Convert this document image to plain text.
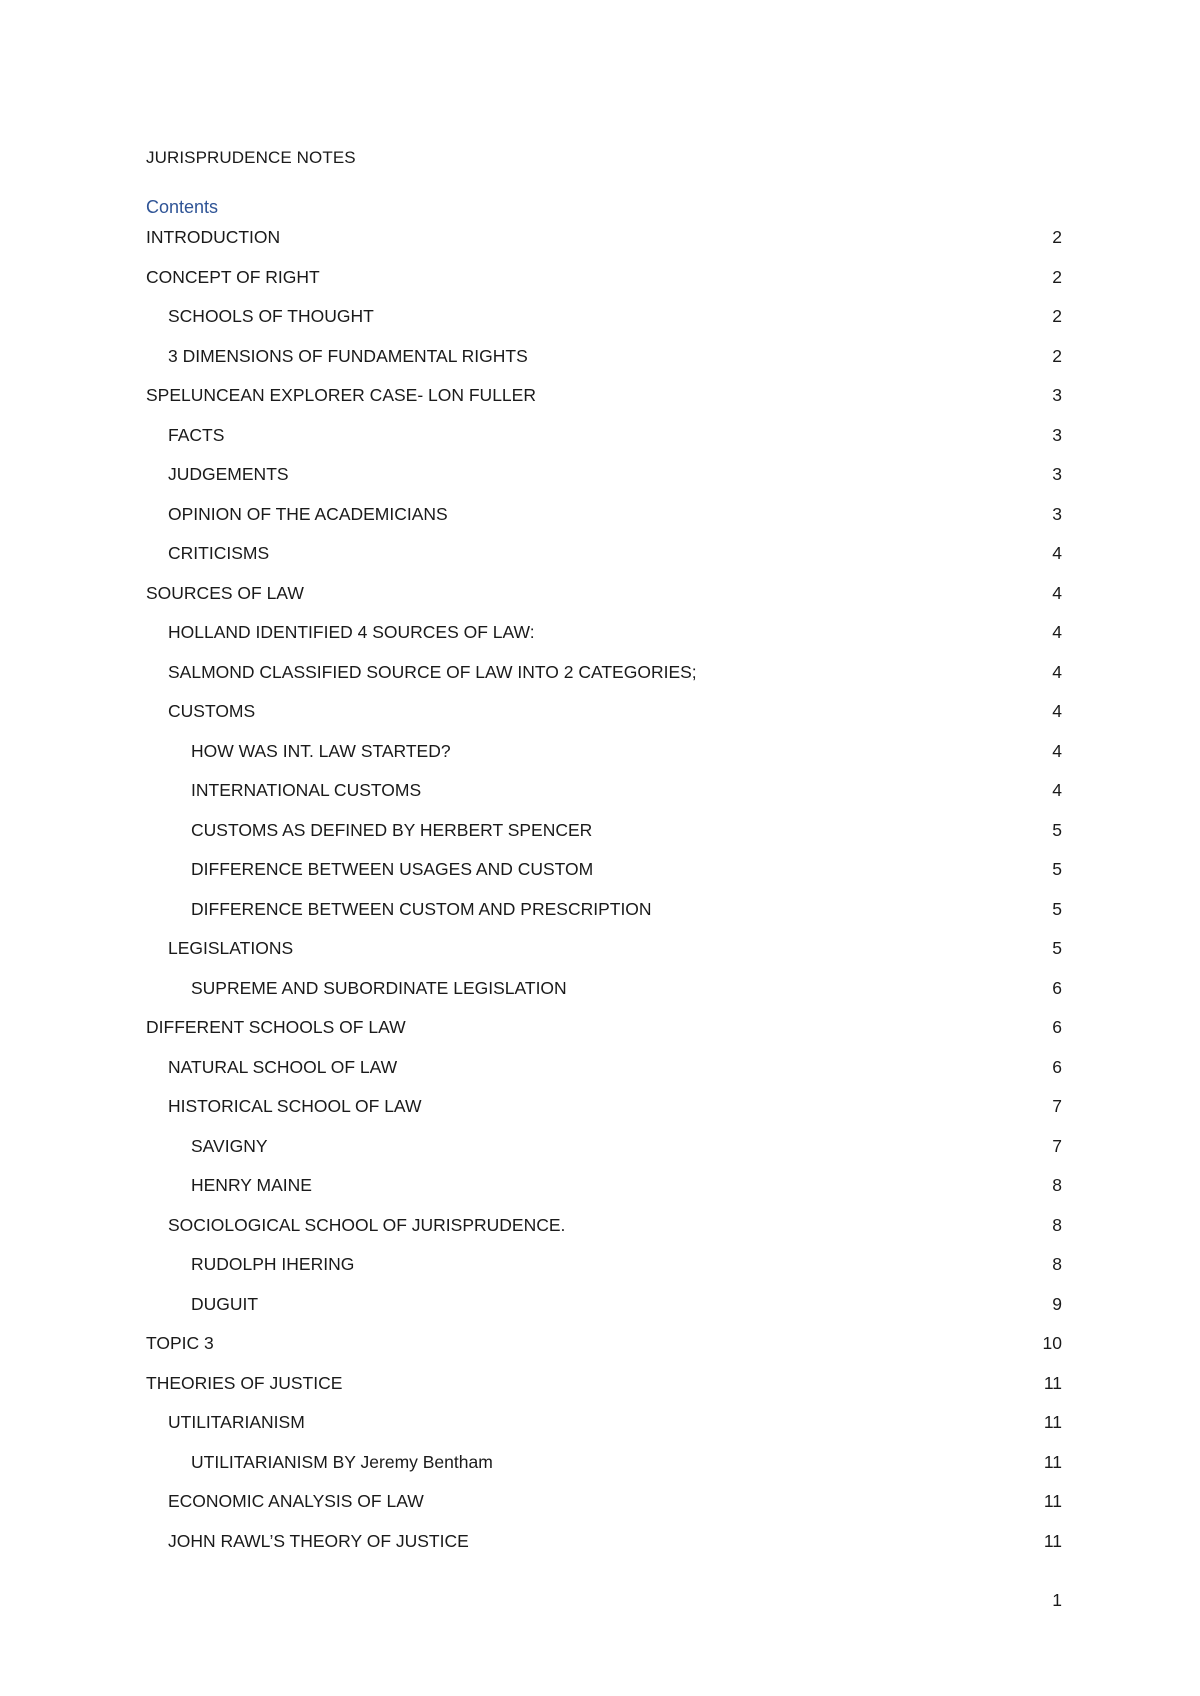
JURISPRUDENCE NOTES
Contents
INTRODUCTION	2
CONCEPT OF RIGHT	2
SCHOOLS OF THOUGHT	2
3 DIMENSIONS OF FUNDAMENTAL RIGHTS	2
SPELUNCEAN EXPLORER CASE- LON FULLER	3
FACTS	3
JUDGEMENTS	3
OPINION OF THE ACADEMICIANS	3
CRITICISMS	4
SOURCES OF LAW	4
HOLLAND IDENTIFIED 4 SOURCES OF LAW:	4
SALMOND CLASSIFIED SOURCE OF LAW INTO 2 CATEGORIES;	4
CUSTOMS	4
HOW WAS INT. LAW STARTED?	4
INTERNATIONAL CUSTOMS	4
CUSTOMS AS DEFINED BY HERBERT SPENCER	5
DIFFERENCE BETWEEN USAGES AND CUSTOM	5
DIFFERENCE BETWEEN CUSTOM AND PRESCRIPTION	5
LEGISLATIONS	5
SUPREME AND SUBORDINATE LEGISLATION	6
DIFFERENT SCHOOLS OF LAW	6
NATURAL SCHOOL OF LAW	6
HISTORICAL SCHOOL OF LAW	7
SAVIGNY	7
HENRY MAINE	8
SOCIOLOGICAL SCHOOL OF JURISPRUDENCE.	8
RUDOLPH IHERING	8
DUGUIT	9
TOPIC 3	10
THEORIES OF JUSTICE	11
UTILITARIANISM	11
UTILITARIANISM BY Jeremy Bentham	11
ECONOMIC ANALYSIS OF LAW	11
JOHN RAWL’S THEORY OF JUSTICE	11
1
